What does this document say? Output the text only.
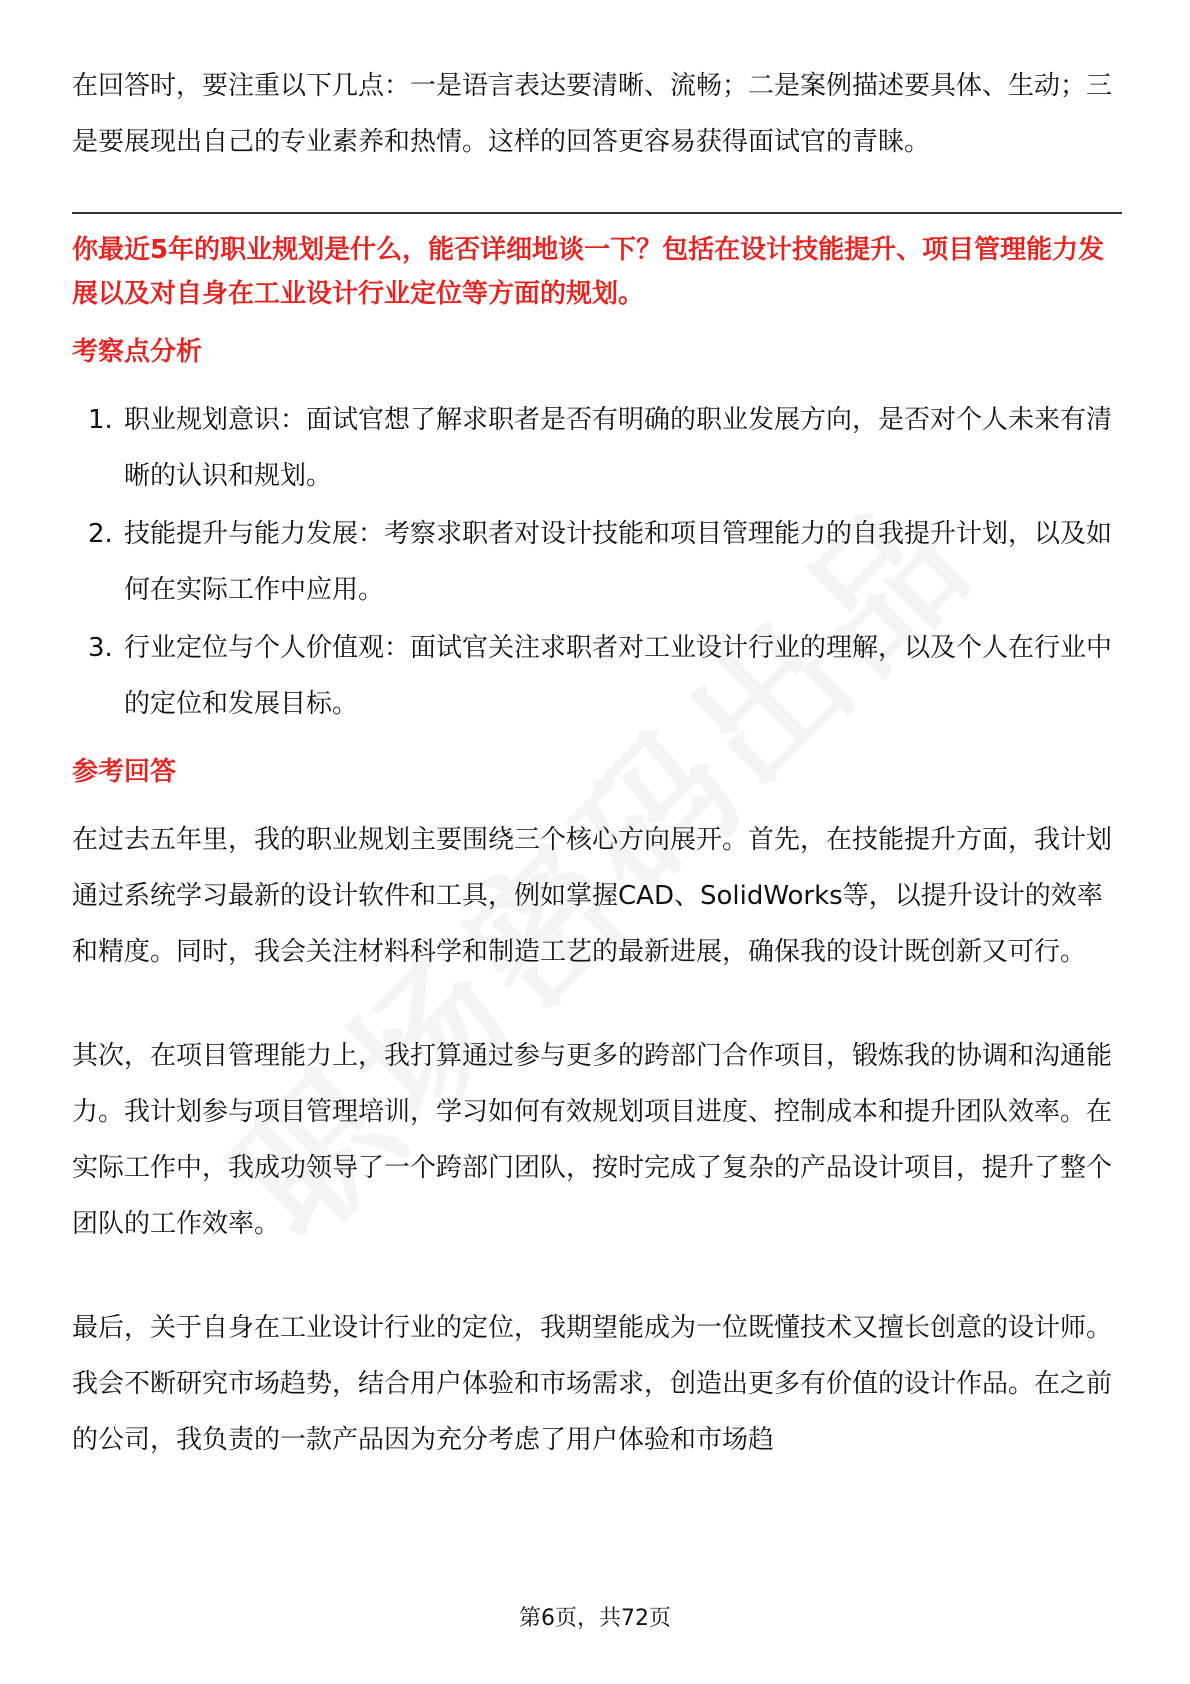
在回答时，要注重以下几点：一是语言表达要清晰、流畅；二是案例描述要具体、生动；三是要展现出自己的专业素养和热情。这样的回答更容易获得面试官的青睐。

你最近5年的职业规划是什么，能否详细地谈一下？包括在设计技能提升、项目管理能力发展以及对自身在工业设计行业定位等方面的规划。

考察点分析
1. 职业规划意识：面试官想了解求职者是否有明确的职业发展方向，是否对个人未来有清晰的认识和规划。
2. 技能提升与能力发展：考察求职者对设计技能和项目管理能力的自我提升计划，以及如何在实际工作中应用。
3. 行业定位与个人价值观：面试官关注求职者对工业设计行业的理解，以及个人在行业中的定位和发展目标。
参考回答

在过去五年里，我的职业规划主要围绕三个核心方向展开。首先，在技能提升方面，我计划通过系统学习最新的设计软件和工具，例如掌握CAD、SolidWorks等，以提升设计的效率和精度。同时，我会关注材料科学和制造工艺的最新进展，确保我的设计既创新又可行。

其次，在项目管理能力上，我打算通过参与更多的跨部门合作项目，锻炼我的协调和沟通能力。我计划参与项目管理培训，学习如何有效规划项目进度、控制成本和提升团队效率。在实际工作中，我成功领导了一个跨部门团队，按时完成了复杂的产品设计项目，提升了整个团队的工作效率。

最后，关于自身在工业设计行业的定位，我期望能成为一位既懂技术又擅长创意的设计师。我会不断研究市场趋势，结合用户体验和市场需求，创造出更多有价值的设计作品。在之前的公司，我负责的一款产品因为充分考虑了用户体验和市场趋

第6页，共72页
